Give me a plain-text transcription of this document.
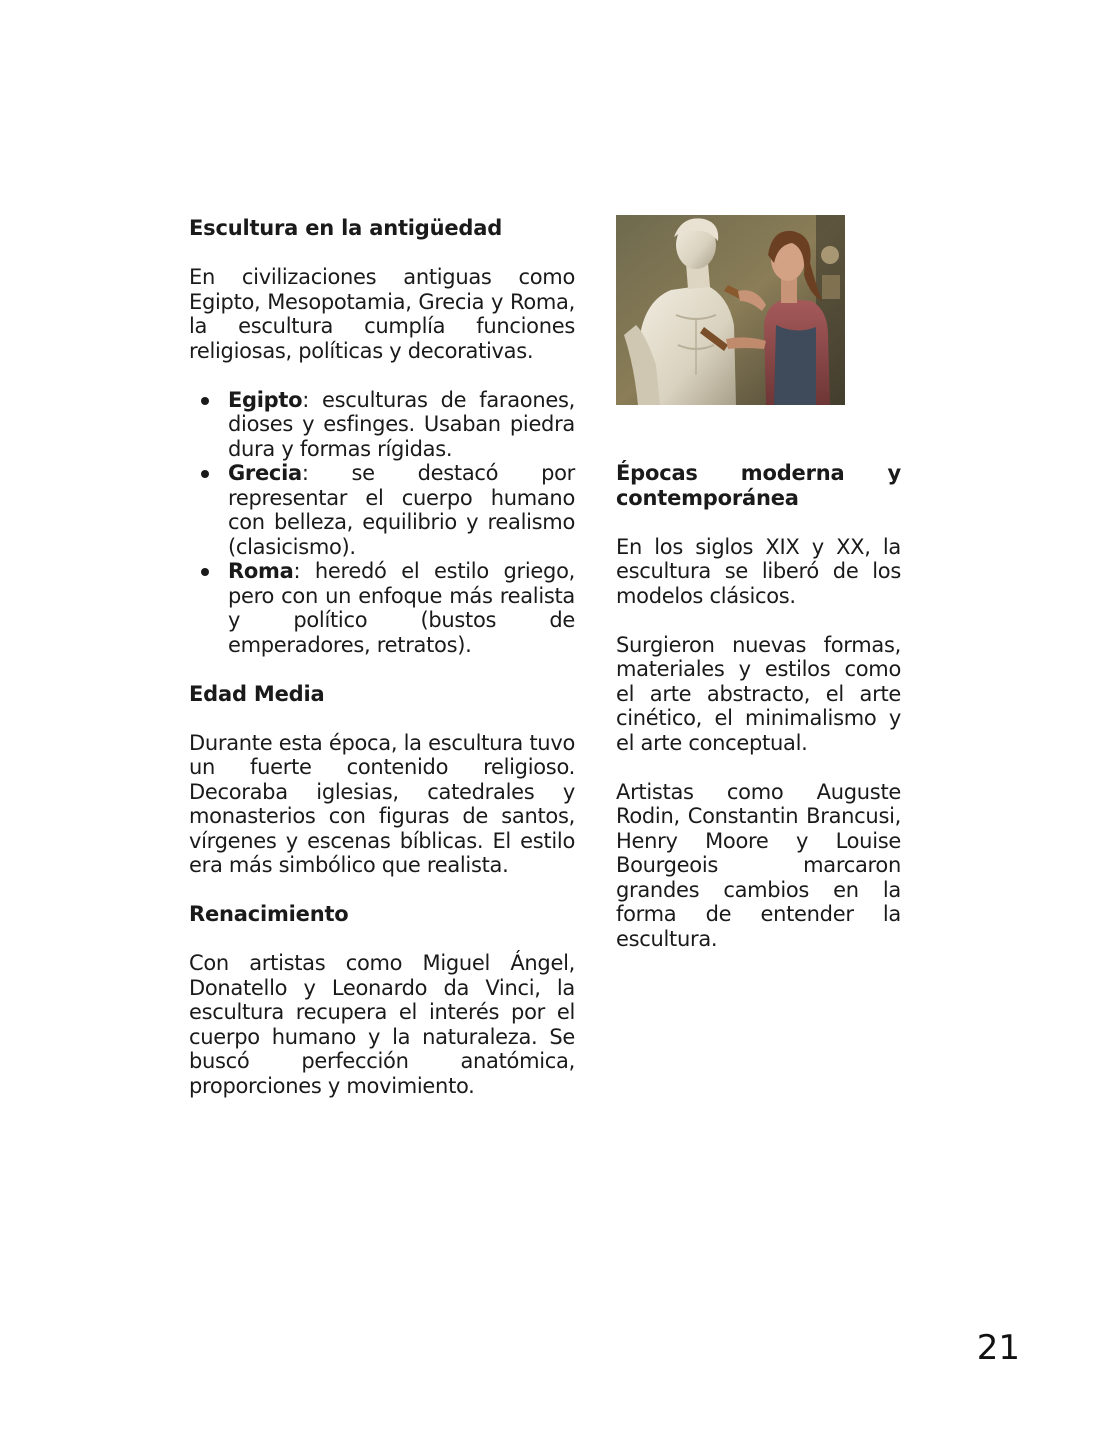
Escultura en la antigüedad

En civilizaciones antiguas como Egipto, Mesopotamia, Grecia y Roma, la escultura cumplía funciones religiosas, políticas y decorativas.

Egipto: esculturas de faraones, dioses y esfinges. Usaban piedra dura y formas rígidas.
Grecia: se destacó por representar el cuerpo humano con belleza, equilibrio y realismo (clasicismo).
Roma: heredó el estilo griego, pero con un enfoque más realista y político (bustos de emperadores, retratos).
Edad Media

Durante esta época, la escultura tuvo un fuerte contenido religioso. Decoraba iglesias, catedrales y monasterios con figuras de santos, vírgenes y escenas bíblicas. El estilo era más simbólico que realista.

Renacimiento

Con artistas como Miguel Ángel, Donatello y Leonardo da Vinci, la escultura recupera el interés por el cuerpo humano y la naturaleza. Se buscó perfección anatómica, proporciones y movimiento.

Épocas moderna y contemporánea

En los siglos XIX y XX, la escultura se liberó de los modelos clásicos.

Surgieron nuevas formas, materiales y estilos como el arte abstracto, el arte cinético, el minimalismo y el arte conceptual.

Artistas como Auguste Rodin, Constantin Brancusi, Henry Moore y Louise Bourgeois marcaron grandes cambios en la forma de entender la escultura.

21
